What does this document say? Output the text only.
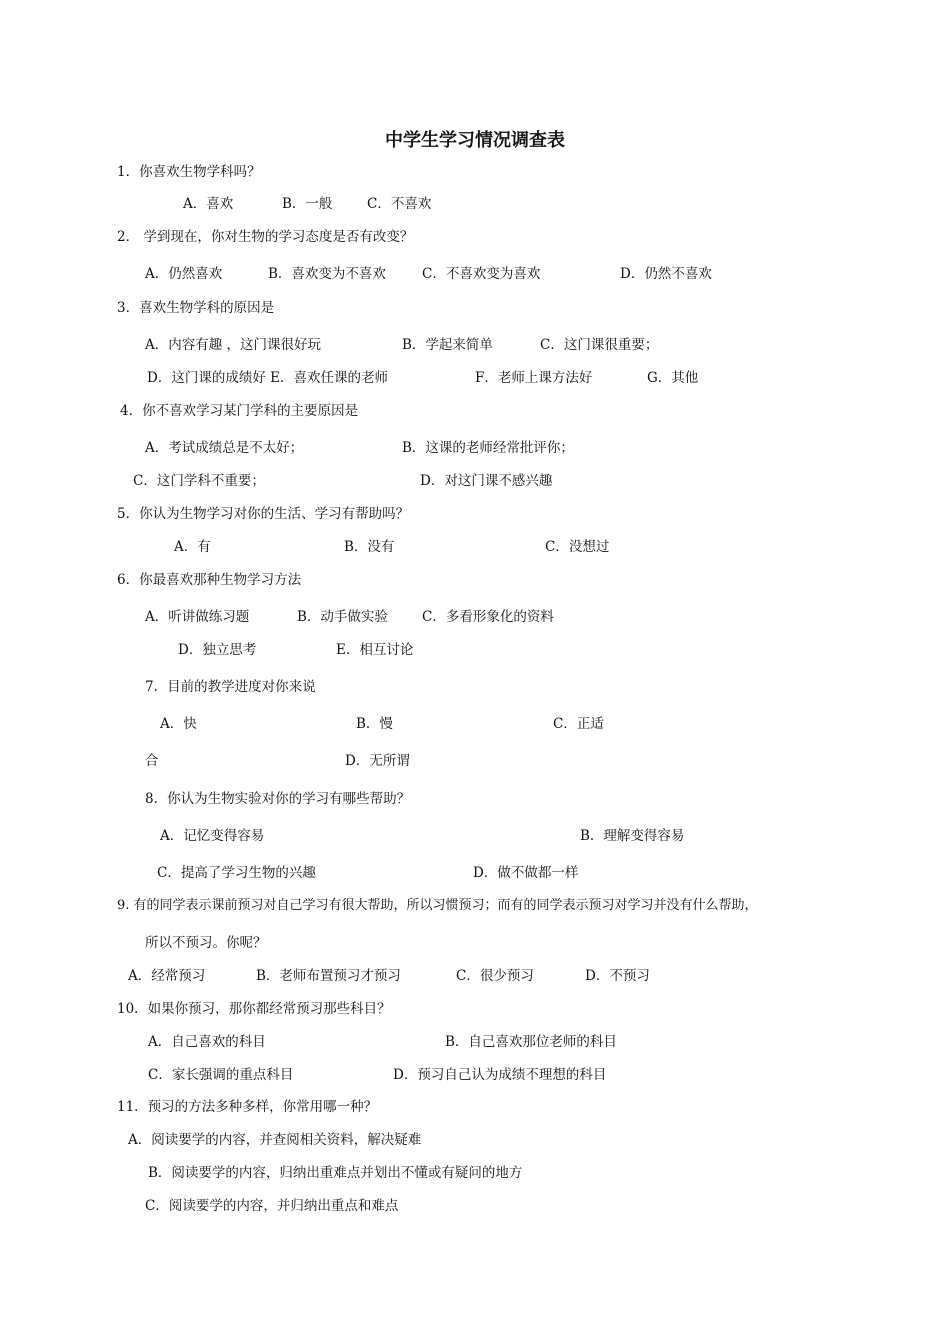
中学生学习情况调查表
1．你喜欢生物学科吗？
A．喜欢	B．一般	C．不喜欢
2． 学到现在，你对生物的学习态度是否有改变？
A．仍然喜欢	B．喜欢变为不喜欢	C．不喜欢变为喜欢	D．仍然不喜欢
3．喜欢生物学科的原因是
A．内容有趣 ，这门课很好玩	B．学起来简单	C．这门课很重要；
D．这门课的成绩好 E．喜欢任课的老师	F．老师上课方法好	G．其他
4．你不喜欢学习某门学科的主要原因是
A．考试成绩总是不太好；	B．这课的老师经常批评你；
C．这门学科不重要；	D．对这门课不感兴趣
5．你认为生物学习对你的生活、学习有帮助吗？
A．有	B．没有	C．没想过
6．你最喜欢那种生物学习方法
A．听讲做练习题	B．动手做实验	C．多看形象化的资料
D．独立思考	E．相互讨论
7．目前的教学进度对你来说
A．快	B．慢	C．正适
合	D．无所谓
8．你认为生物实验对你的学习有哪些帮助？
A．记忆变得容易	B．理解变得容易
C．提高了学习生物的兴趣	D．做不做都一样
9. 有的同学表示课前预习对自己学习有很大帮助，所以习惯预习；而有的同学表示预习对学习并没有什么帮助，
所以不预习。你呢？
A．经常预习	B．老师布置预习才预习	C．很少预习	D．不预习
10．如果你预习，那你都经常预习那些科目？
A．自己喜欢的科目	B．自己喜欢那位老师的科目
C．家长强调的重点科目	D．预习自己认为成绩不理想的科目
11．预习的方法多种多样，你常用哪一种？
A．阅读要学的内容，并查阅相关资料，解决疑难
B．阅读要学的内容，归纳出重难点并划出不懂或有疑问的地方
C．阅读要学的内容，并归纳出重点和难点
